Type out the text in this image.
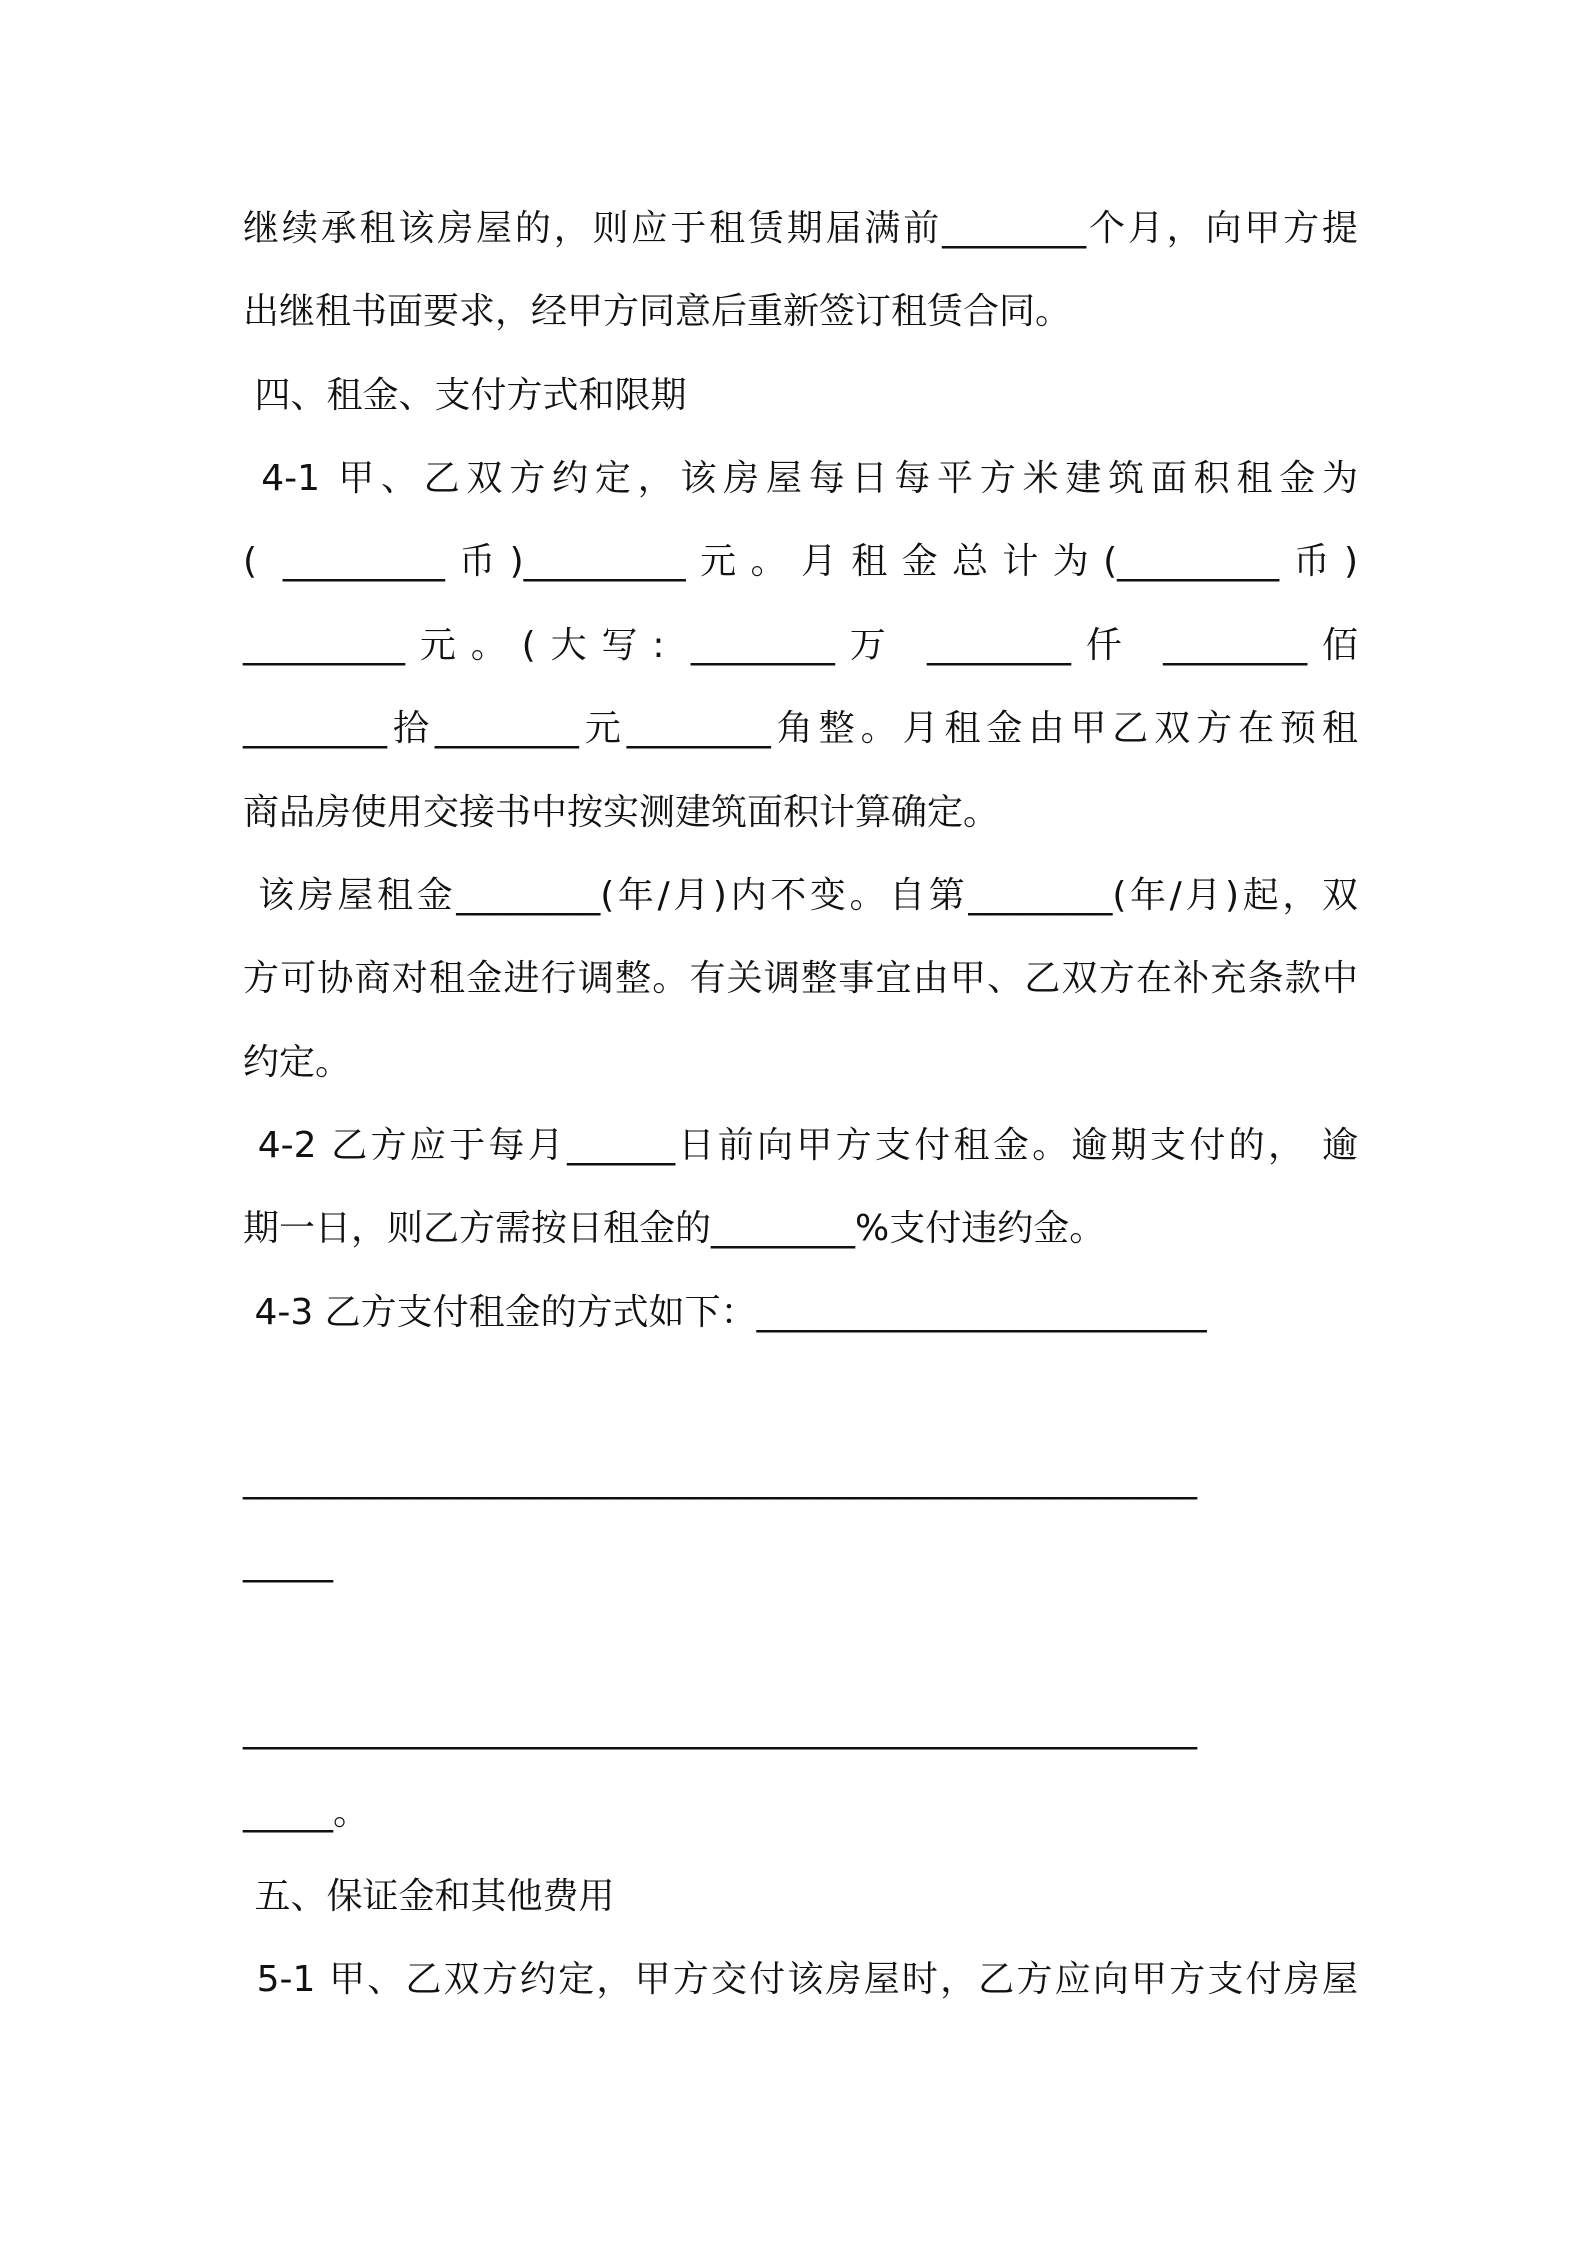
继续承租该房屋的，则应于租赁期届满前________个月，向甲方提

出继租书面要求，经甲方同意后重新签订租赁合同。

四、租金、支付方式和限期

4-1 甲、乙双方约定，该房屋每日每平方米建筑面积租金为

( _________币)_________元。月租金总计为(_________币)

_________元。(大写: ________万 ________仟 ________佰

________拾________元________角整。月租金由甲乙双方在预租

商品房使用交接书中按实测建筑面积计算确定。

该房屋租金________(年/月)内不变。自第________(年/月)起，双

方可协商对租金进行调整。有关调整事宜由甲、乙双方在补充条款中

约定。

4-2 乙方应于每月______日前向甲方支付租金。逾期支付的， 逾

期一日，则乙方需按日租金的________%支付违约金。

4-3 乙方支付租金的方式如下：_________________________

_____________________________________________________

_____

_____________________________________________________

_____。

五、保证金和其他费用

5-1 甲、乙双方约定，甲方交付该房屋时，乙方应向甲方支付房屋
